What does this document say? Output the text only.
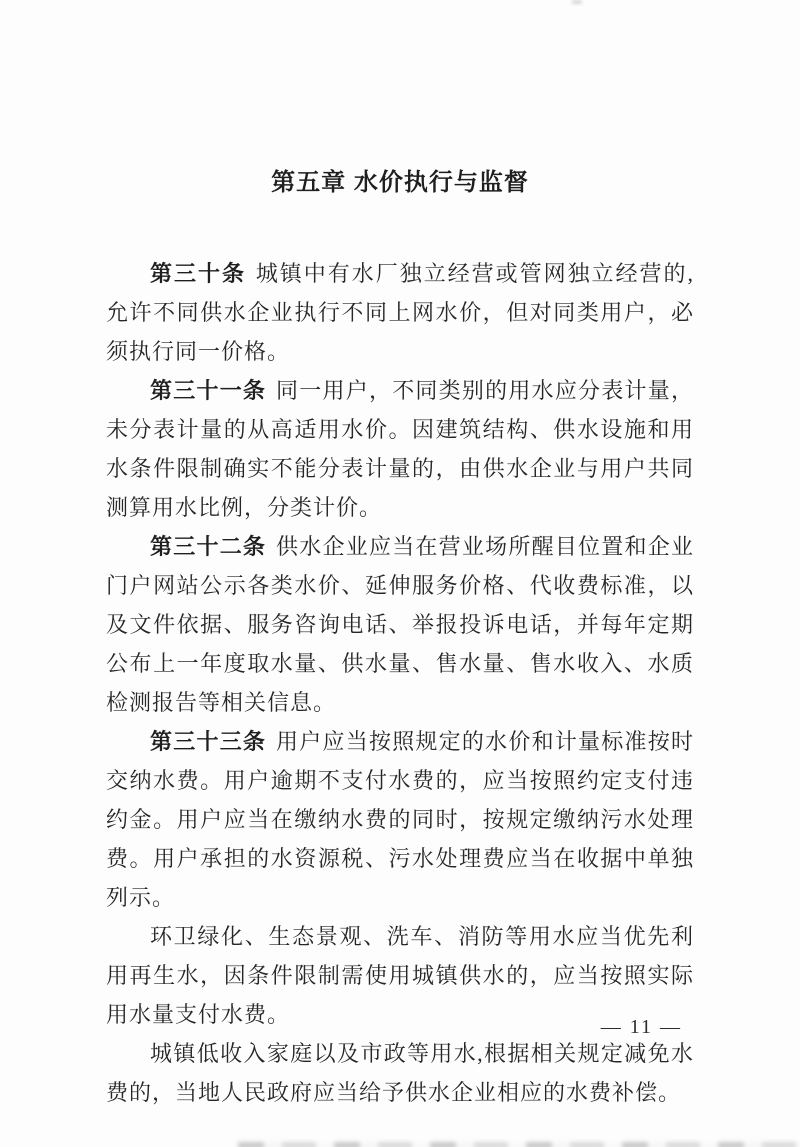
第五章 水价执行与监督

第三十条 城镇中有水厂独立经营或管网独立经营的,允许不同供水企业执行不同上网水价，但对同类用户，必须执行同一价格。

第三十一条 同一用户，不同类别的用水应分表计量，未分表计量的从高适用水价。因建筑结构、供水设施和用水条件限制确实不能分表计量的，由供水企业与用户共同测算用水比例，分类计价。

第三十二条 供水企业应当在营业场所醒目位置和企业门户网站公示各类水价、延伸服务价格、代收费标准，以及文件依据、服务咨询电话、举报投诉电话，并每年定期公布上一年度取水量、供水量、售水量、售水收入、水质检测报告等相关信息。

第三十三条 用户应当按照规定的水价和计量标准按时交纳水费。用户逾期不支付水费的，应当按照约定支付违约金。用户应当在缴纳水费的同时，按规定缴纳污水处理费。用户承担的水资源税、污水处理费应当在收据中单独列示。

环卫绿化、生态景观、洗车、消防等用水应当优先利用再生水，因条件限制需使用城镇供水的，应当按照实际用水量支付水费。

城镇低收入家庭以及市政等用水,根据相关规定减免水费的，当地人民政府应当给予供水企业相应的水费补偿。

— 11 —
